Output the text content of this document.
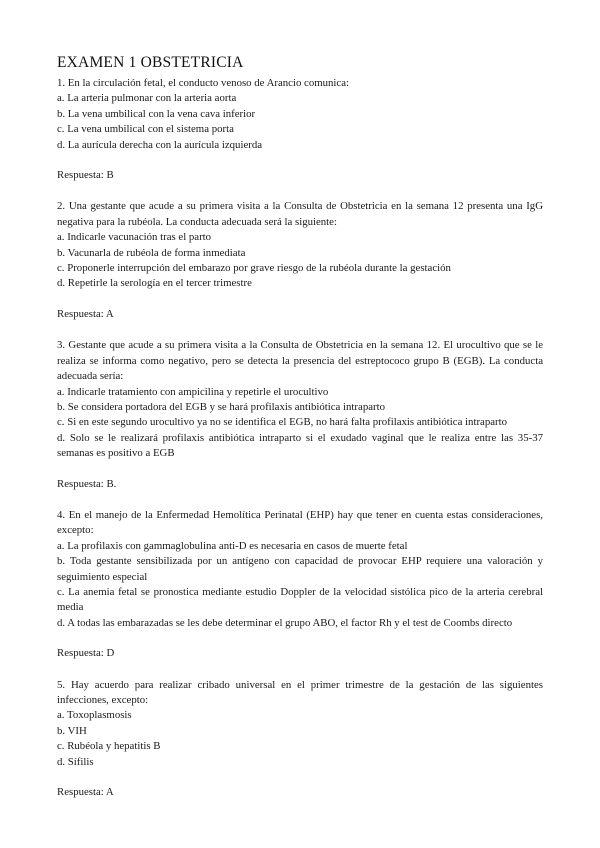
EXAMEN 1 OBSTETRICIA
1. En la circulación fetal, el conducto venoso de Arancio comunica:
a. La arteria pulmonar con la arteria aorta
b. La vena umbilical con la vena cava inferior
c. La vena umbilical con el sistema porta
d. La aurícula derecha con la aurícula izquierda
Respuesta: B
2. Una gestante que acude a su primera visita a la Consulta de Obstetricia en la semana 12 presenta una IgG negativa para la rubéola. La conducta adecuada será la siguiente:
a. Indicarle vacunación tras el parto
b. Vacunarla de rubéola de forma inmediata
c. Proponerle interrupción del embarazo por grave riesgo de la rubéola durante la gestación
d. Repetirle la serología en el tercer trimestre
Respuesta: A
3. Gestante que acude a su primera visita a la Consulta de Obstetricia en la semana 12. El urocultivo que se le realiza se informa como negativo, pero se detecta la presencia del estreptococo grupo B (EGB). La conducta adecuada sería:
a. Indicarle tratamiento con ampicilina y repetirle el urocultivo
b. Se considera portadora del EGB y se hará profilaxis antibiótica intraparto
c. Si en este segundo urocultivo ya no se identifica el EGB, no hará falta profilaxis antibiótica intraparto
d. Solo se le realizará profilaxis antibiótica intraparto si el exudado vaginal que le realiza entre las 35-37 semanas es positivo a EGB
Respuesta: B.
4. En el manejo de la Enfermedad Hemolítica Perinatal (EHP) hay que tener en cuenta estas consideraciones, excepto:
a. La profilaxis con gammaglobulina anti-D es necesaria en casos de muerte fetal
b. Toda gestante sensibilizada por un antígeno con capacidad de provocar EHP requiere una valoración y seguimiento especial
c. La anemia fetal se pronostica mediante estudio Doppler de la velocidad sistólica pico de la arteria cerebral media
d. A todas las embarazadas se les debe determinar el grupo ABO, el factor Rh y el test de Coombs directo
Respuesta: D
5. Hay acuerdo para realizar cribado universal en el primer trimestre de la gestación de las siguientes infecciones, excepto:
a. Toxoplasmosis
b. VIH
c. Rubéola y hepatitis B
d. Sífilis
Respuesta: A
